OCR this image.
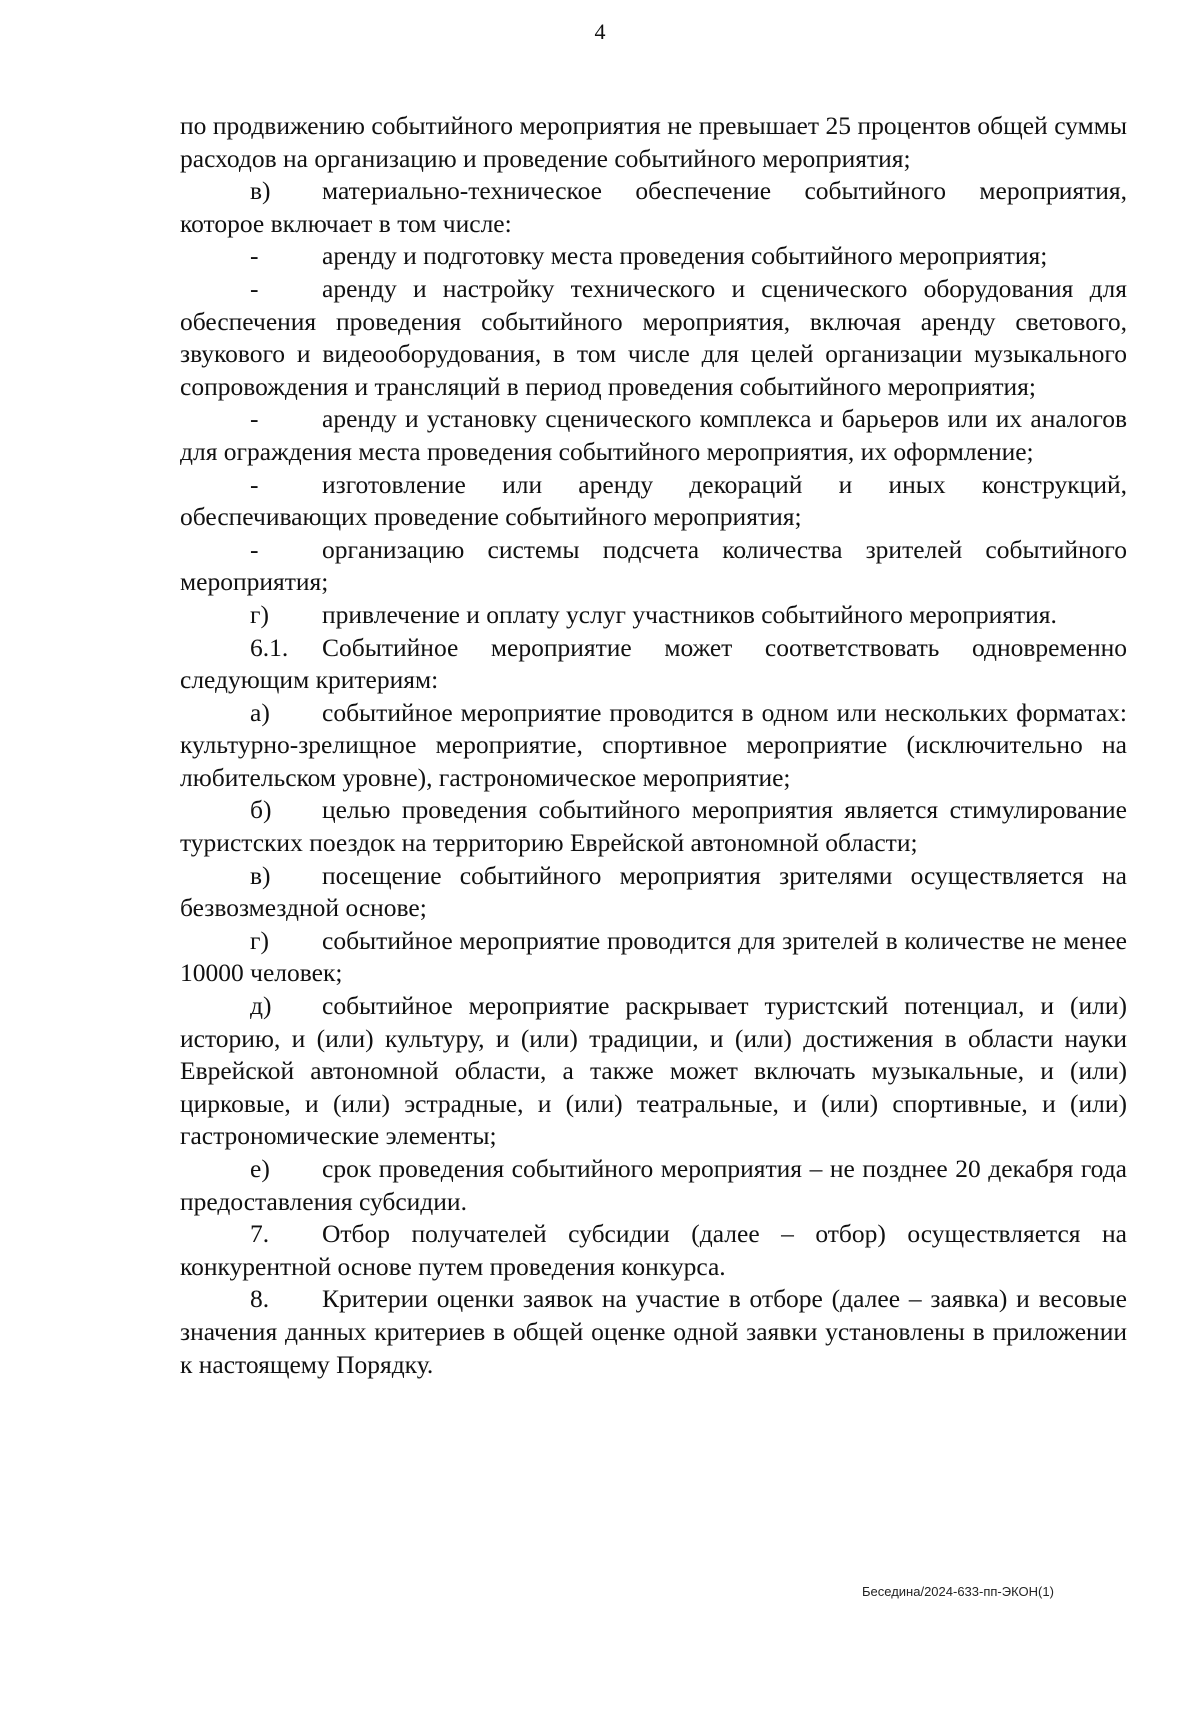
4

по продвижению событийного мероприятия не превышает 25 процентов общей суммы расходов на организацию и проведение событийного мероприятия;

в) материально-техническое обеспечение событийного мероприятия, которое включает в том числе:

- аренду и подготовку места проведения событийного мероприятия;

- аренду и настройку технического и сценического оборудования для обеспечения проведения событийного мероприятия, включая аренду светового, звукового и видеооборудования, в том числе для целей организации музыкального сопровождения и трансляций в период проведения событийного мероприятия;

- аренду и установку сценического комплекса и барьеров или их аналогов для ограждения места проведения событийного мероприятия, их оформление;

- изготовление или аренду декораций и иных конструкций, обеспечивающих проведение событийного мероприятия;

- организацию системы подсчета количества зрителей событийного мероприятия;

г) привлечение и оплату услуг участников событийного мероприятия.

6.1. Событийное мероприятие может соответствовать одновременно следующим критериям:

а) событийное мероприятие проводится в одном или нескольких форматах: культурно-зрелищное мероприятие, спортивное мероприятие (исключительно на любительском уровне), гастрономическое мероприятие;

б) целью проведения событийного мероприятия является стимулирование туристских поездок на территорию Еврейской автономной области;

в) посещение событийного мероприятия зрителями осуществляется на безвозмездной основе;

г) событийное мероприятие проводится для зрителей в количестве не менее 10000 человек;

д) событийное мероприятие раскрывает туристский потенциал, и (или) историю, и (или) культуру, и (или) традиции, и (или) достижения в области науки Еврейской автономной области, а также может включать музыкальные, и (или) цирковые, и (или) эстрадные, и (или) театральные, и (или) спортивные, и (или) гастрономические элементы;

е) срок проведения событийного мероприятия – не позднее 20 декабря года предоставления субсидии.

7. Отбор получателей субсидии (далее – отбор) осуществляется на конкурентной основе путем проведения конкурса.

8. Критерии оценки заявок на участие в отборе (далее – заявка) и весовые значения данных критериев в общей оценке одной заявки установлены в приложении к настоящему Порядку.

Беседина/2024-633-пп-ЭКОН(1)
